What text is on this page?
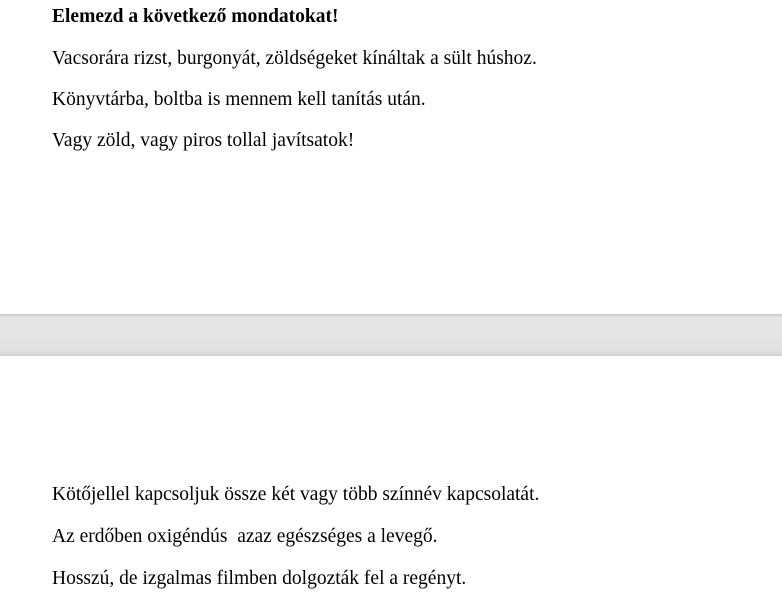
Elemezd a következő mondatokat!

Vacsorára rizst, burgonyát, zöldségeket kínáltak a sült húshoz.

Könyvtárba, boltba is mennem kell tanítás után.

Vagy zöld, vagy piros tollal javítsatok!

Kötőjellel kapcsoljuk össze két vagy több színnév kapcsolatát.

Az erdőben oxigéndús  azaz egészséges a levegő.

Hosszú, de izgalmas filmben dolgozták fel a regényt.
